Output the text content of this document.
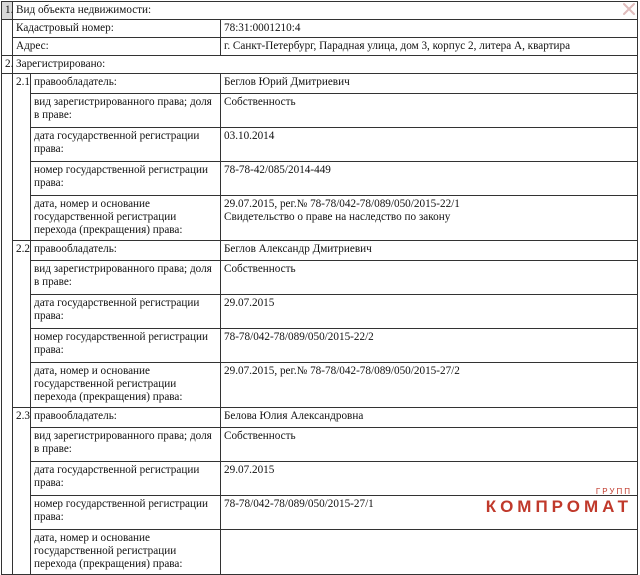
1.	Вид объекта недвижимости:		
	Кадастровый номер:		78:31:0001210:4
	Адрес:		г. Санкт-Петербург, Парадная улица, дом 3, корпус 2, литера А, квартира
2.	Зарегистрировано:		
	2.1	правообладатель:	Беглов Юрий Дмитриевич
		вид зарегистрированного права; доля в праве:	Собственность
		дата государственной регистрации права:	03.10.2014
		номер государственной регистрации права:	78-78-42/085/2014-449
		дата, номер и основание государственной регистрации перехода (прекращения) права:	29.07.2015, рег.№ 78-78/042-78/089/050/2015-22/1
Свидетельство о праве на наследство по закону

	2.2	правообладатель:	Беглов Александр Дмитриевич
		вид зарегистрированного права; доля в праве:	Собственность
		дата государственной регистрации права:	29.07.2015
		номер государственной регистрации права:	78-78/042-78/089/050/2015-22/2
		дата, номер и основание государственной регистрации перехода (прекращения) права:	29.07.2015, рег.№ 78-78/042-78/089/050/2015-27/2

	2.3	правообладатель:	Белова Юлия Александровна
		вид зарегистрированного права; доля в праве:	Собственность
		дата государственной регистрации права:	29.07.2015
		номер государственной регистрации права:	78-78/042-78/089/050/2015-27/1
		дата, номер и основание государственной регистрации перехода (прекращения) права:	
ГРУПП
КОМПРОМАТ
